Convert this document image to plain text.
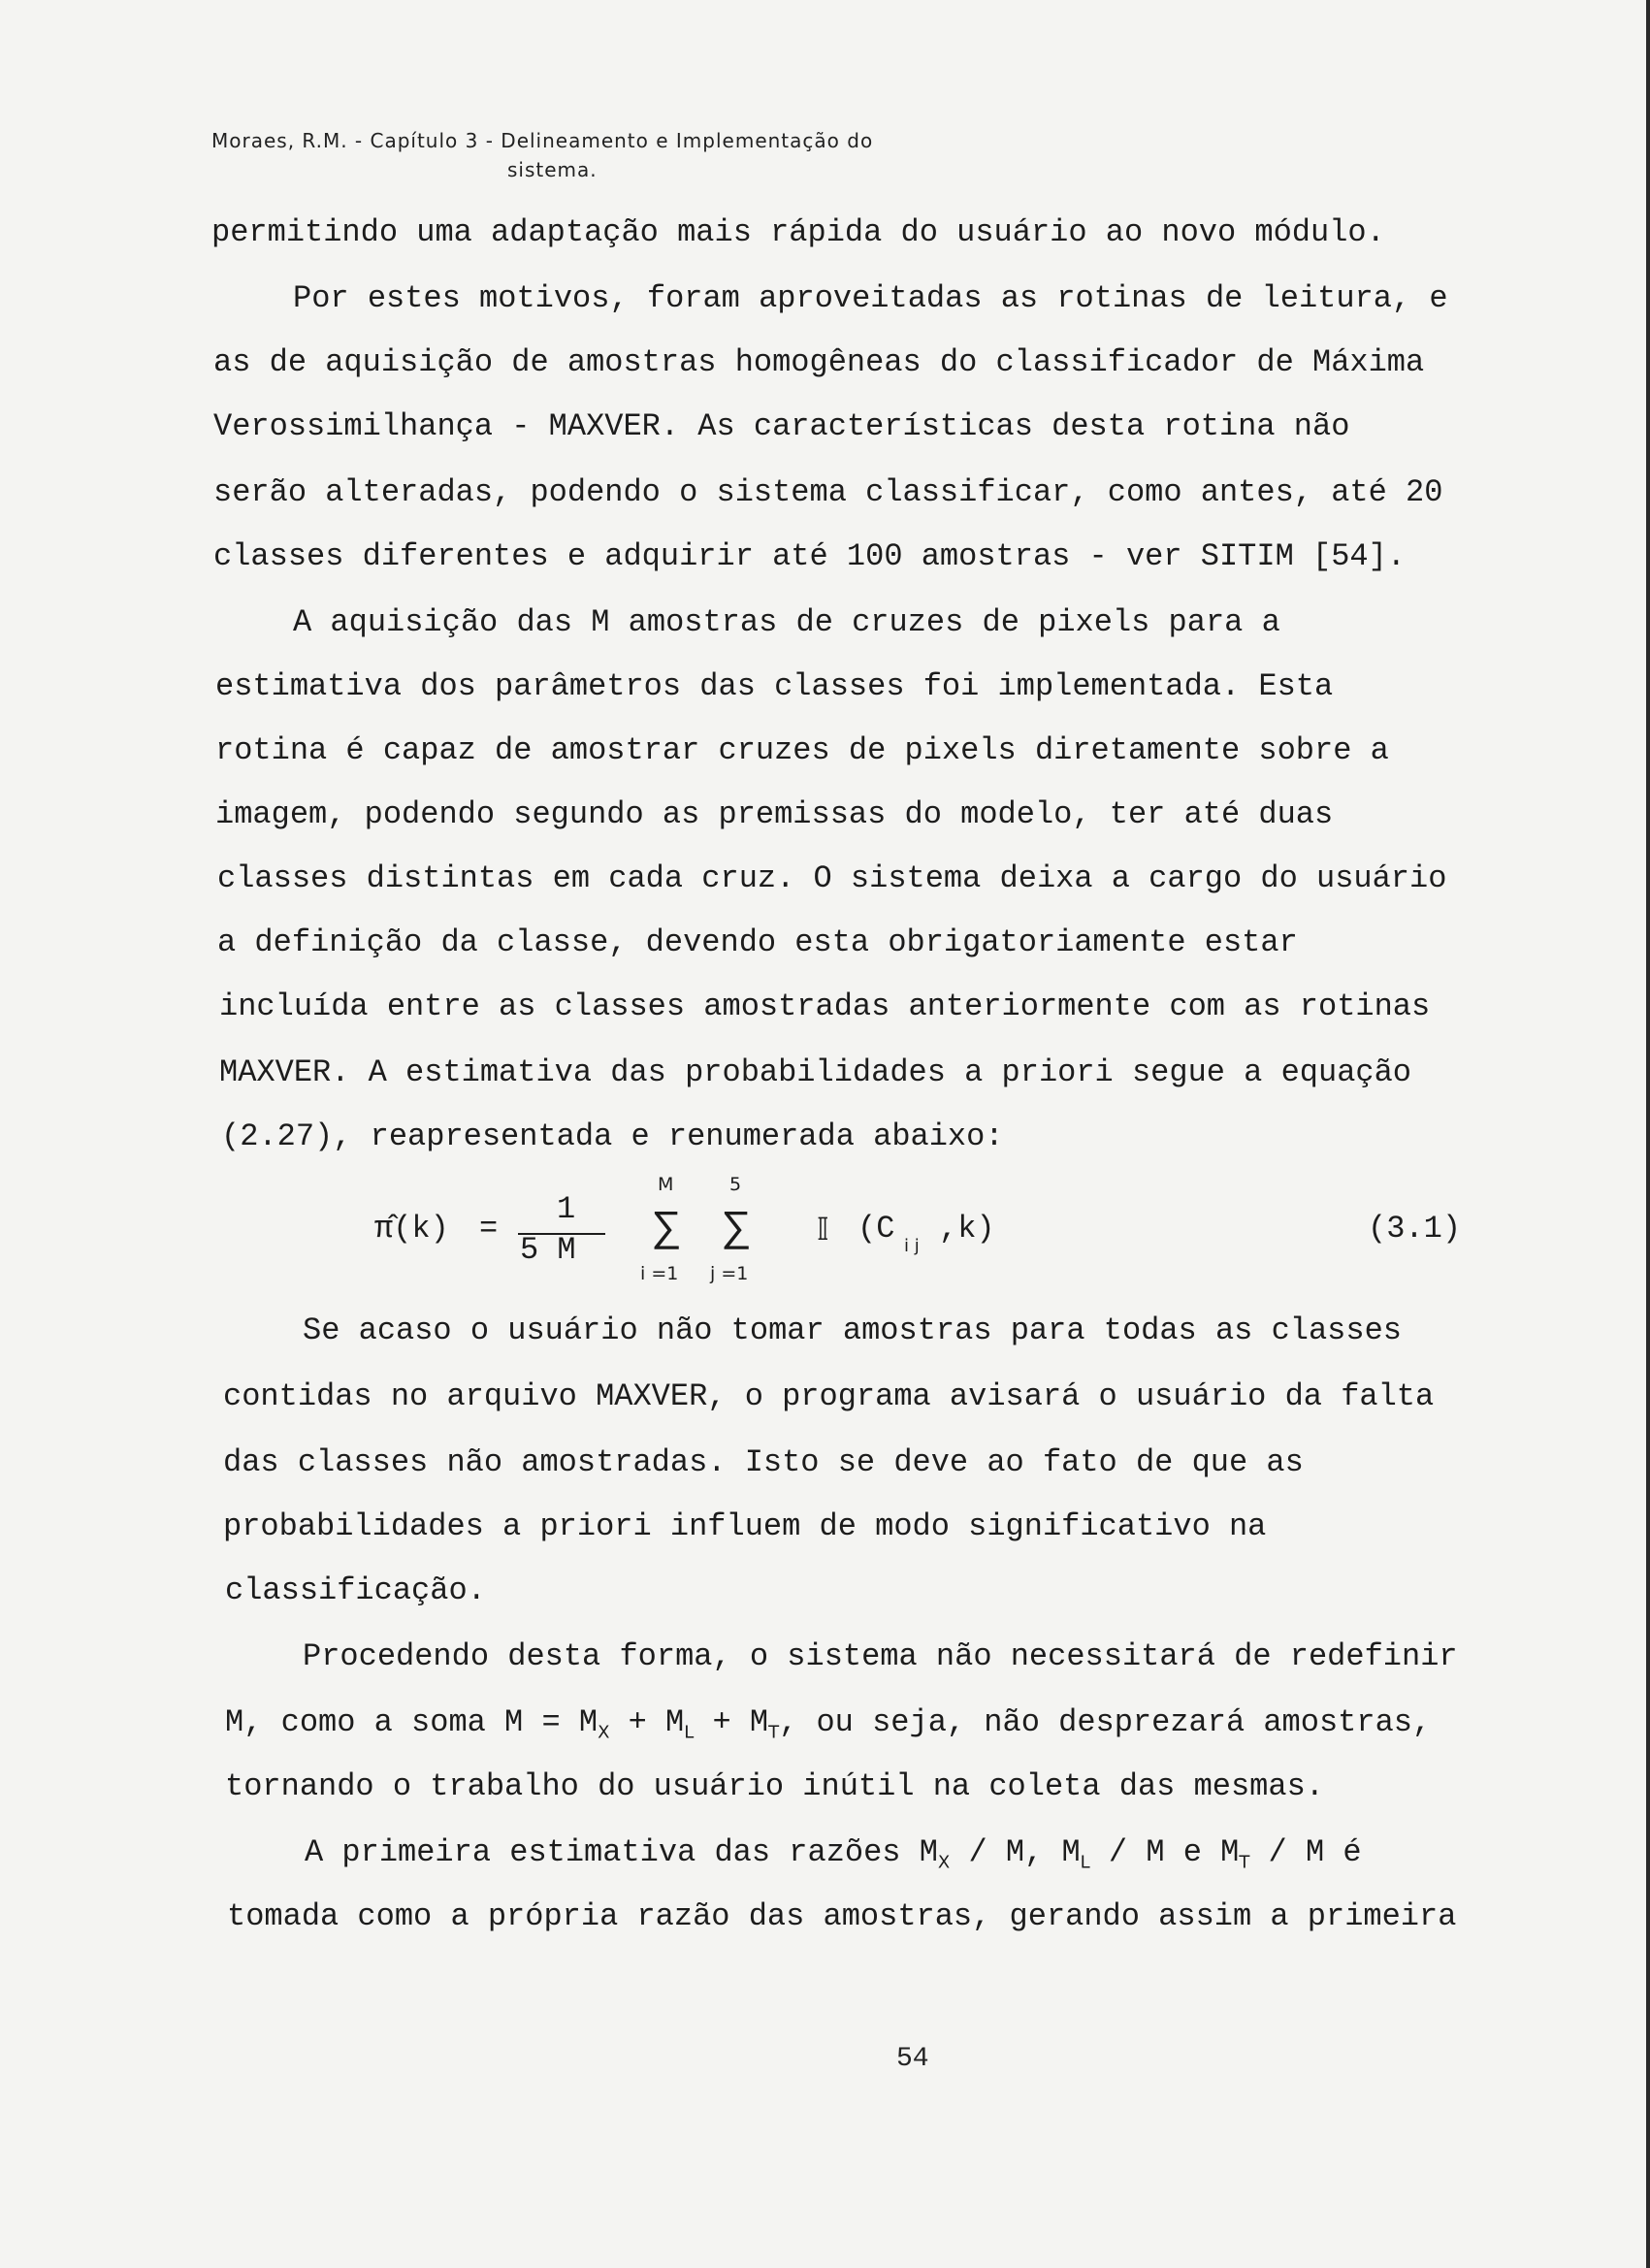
Moraes, R.M. - Capítulo 3 - Delineamento e Implementação do
sistema.
permitindo uma adaptação mais rápida do usuário ao novo módulo.
Por estes motivos, foram aproveitadas as rotinas de leitura, e
as de aquisição de amostras homogêneas do classificador de Máxima
Verossimilhança - MAXVER. As características desta rotina não
serão alteradas, podendo o sistema classificar, como antes, até 20
classes diferentes e adquirir até 100 amostras - ver SITIM [54].
A aquisição das M amostras de cruzes de pixels para a
estimativa dos parâmetros das classes foi implementada. Esta
rotina é capaz de amostrar cruzes de pixels diretamente sobre a
imagem, podendo segundo as premissas do modelo, ter até duas
classes distintas em cada cruz. O sistema deixa a cargo do usuário
a definição da classe, devendo esta obrigatoriamente estar
incluída entre as classes amostradas anteriormente com as rotinas
MAXVER. A estimativa das probabilidades a priori segue a equação
(2.27), reapresentada e renumerada abaixo:
π̂(k) =
1
5 M
M
∑
i =1
5
∑
j =1
𝕀 (C i j ,k)	(3.1)
Se acaso o usuário não tomar amostras para todas as classes
contidas no arquivo MAXVER, o programa avisará o usuário da falta
das classes não amostradas. Isto se deve ao fato de que as
probabilidades a priori influem de modo significativo na
classificação.
Procedendo desta forma, o sistema não necessitará de redefinir
M, como a soma $M = M_X + M_L + M_T$, ou seja, não desprezará amostras,
tornando o trabalho do usuário inútil na coleta das mesmas.
A primeira estimativa das razões $M_X$ / M, $M_L$ / M e $M_T$ / M é
tomada como a própria razão das amostras, gerando assim a primeira
54
